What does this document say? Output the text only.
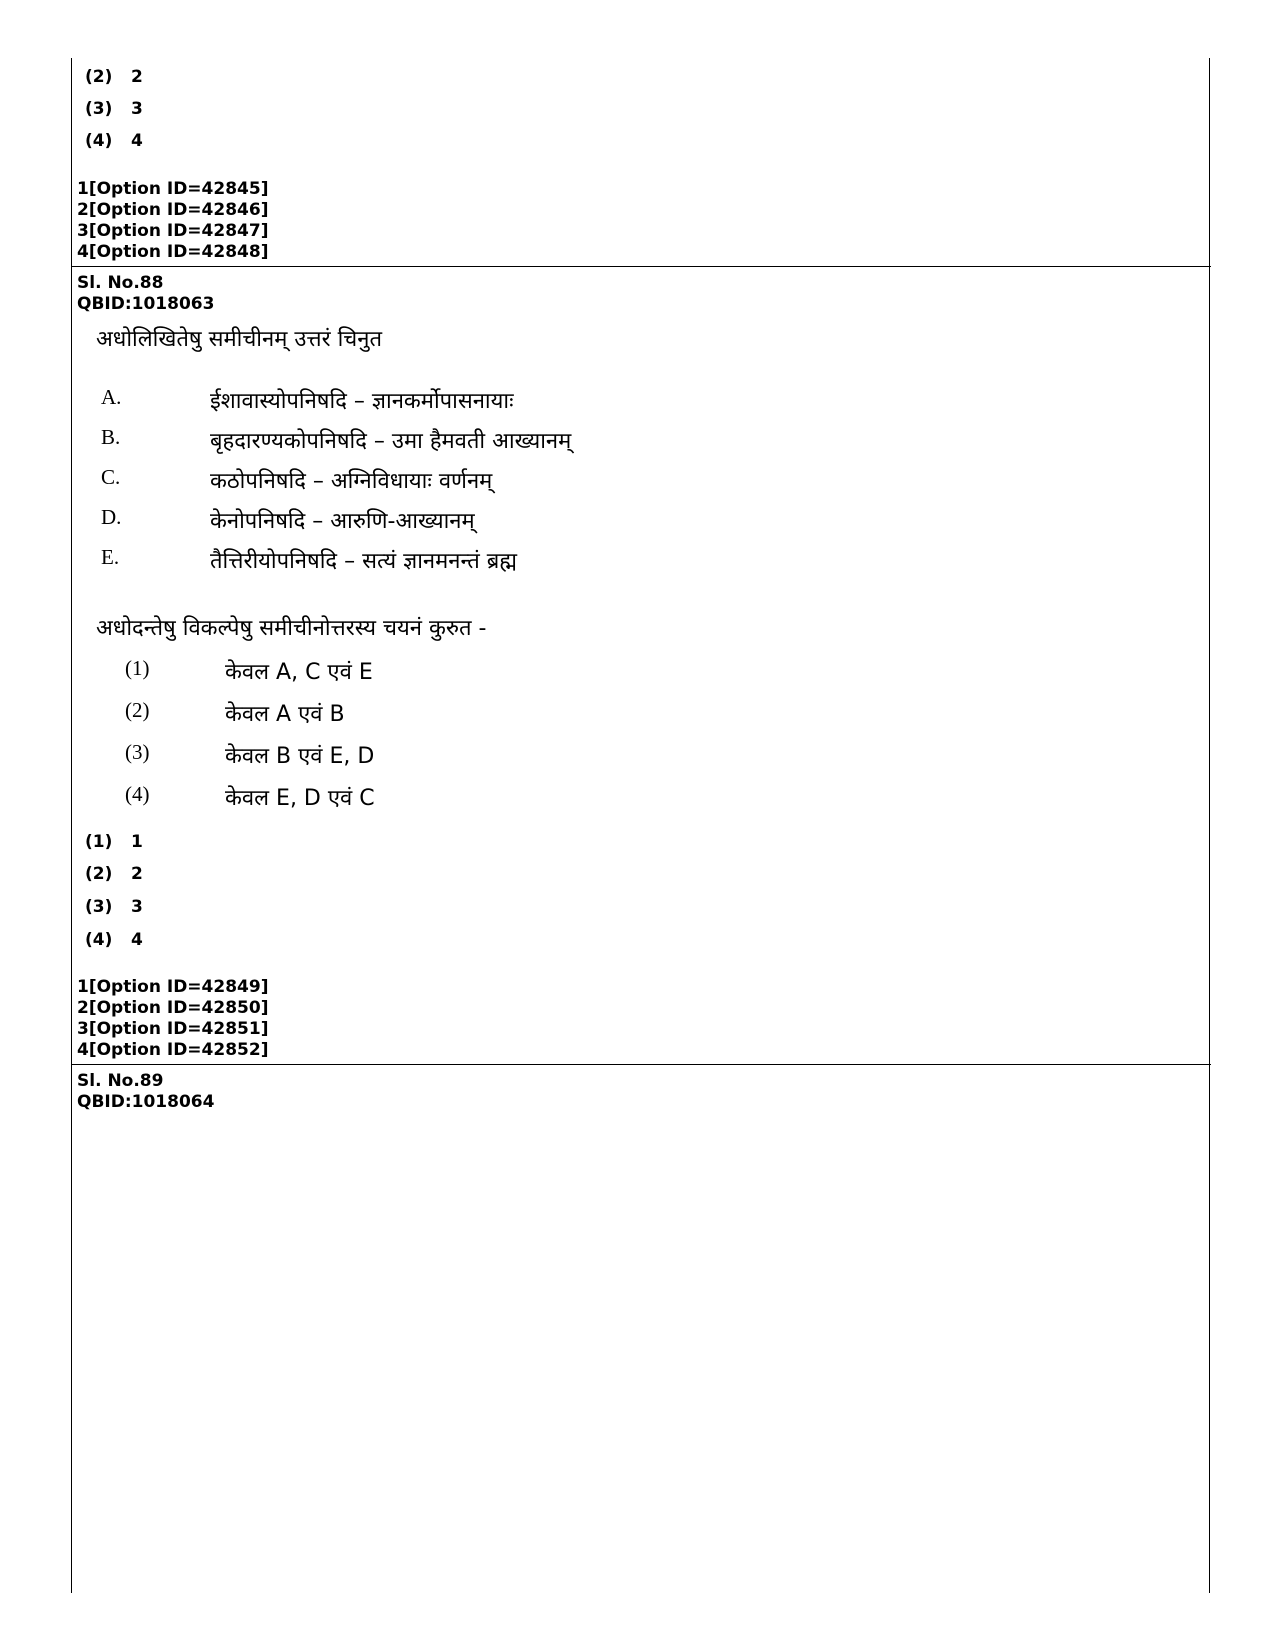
(2) 2
(3) 3
(4) 4
1[Option ID=42845]
2[Option ID=42846]
3[Option ID=42847]
4[Option ID=42848]
Sl. No.88
QBID:1018063
अधोलिखितेषु समीचीनम् उत्तरं चिनुत
A.	ईशावास्योपनिषदि – ज्ञानकर्मोपासनायाः
B.	बृहदारण्यकोपनिषदि – उमा हैमवती आख्यानम्
C.	कठोपनिषदि – अग्निविधायाः वर्णनम्
D.	केनोपनिषदि – आरुणि-आख्यानम्
E.	तैत्तिरीयोपनिषदि – सत्यं ज्ञानमनन्तं ब्रह्म
अधोदन्तेषु विकल्पेषु समीचीनोत्तरस्य चयनं कुरुत -
(1)	केवल A, C एवं E
(2)	केवल A एवं B
(3)	केवल B एवं E, D
(4)	केवल E, D एवं C
(1) 1
(2) 2
(3) 3
(4) 4
1[Option ID=42849]
2[Option ID=42850]
3[Option ID=42851]
4[Option ID=42852]
Sl. No.89
QBID:1018064
